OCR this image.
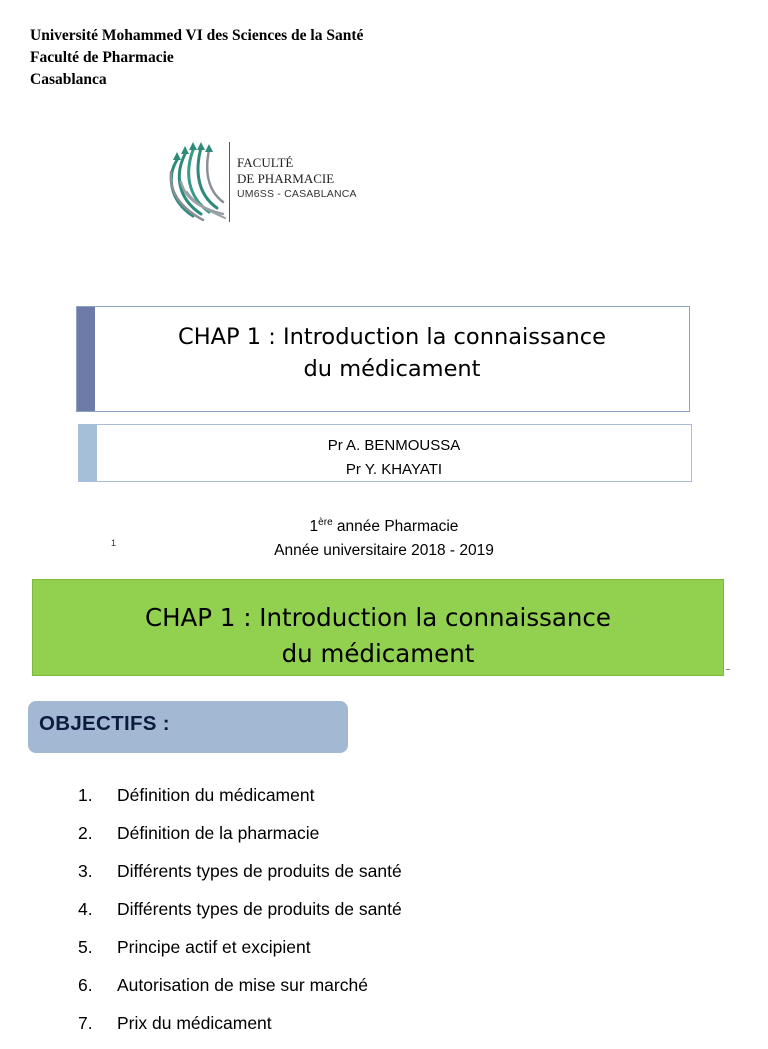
Université Mohammed VI des Sciences de la Santé
Faculté de Pharmacie
Casablanca
FACULTÉ
DE PHARMACIE
UM6SS - CASABLANCA
CHAP 1 : Introduction la connaissance
du médicament
Pr A. BENMOUSSA
Pr Y. KHAYATI
1
1ère année Pharmacie
Année universitaire 2018 - 2019
CHAP 1 : Introduction la connaissance
du médicament
OBJECTIFS :
1. Définition du médicament
2. Définition de la pharmacie
3. Différents types de produits de santé
4. Différents types de produits de santé
5. Principe actif et excipient
6. Autorisation de mise sur marché
7. Prix du médicament
